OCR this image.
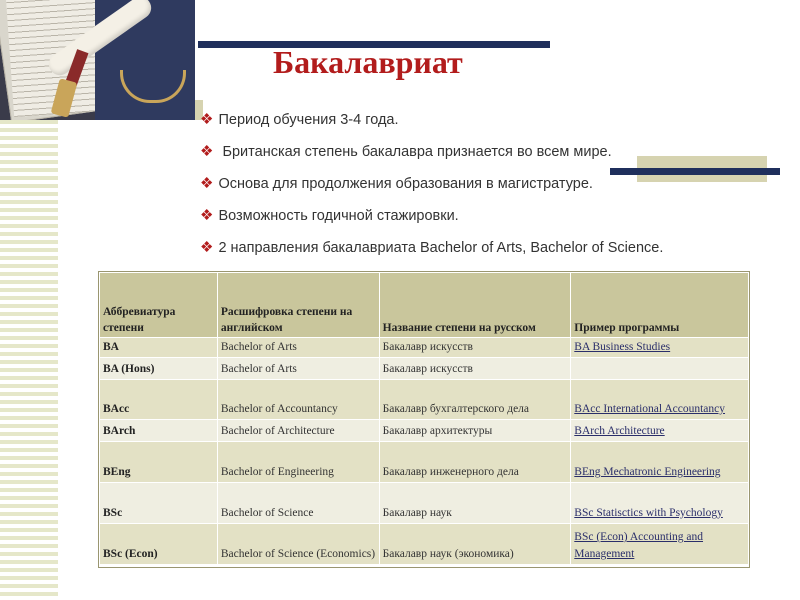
Бакалавриат
❖ Период обучения 3-4 года.
❖ Британская степень бакалавра признается во всем мире.
❖ Основа для продолжения образования в магистратуре.
❖ Возможность годичной стажировки.
❖ 2 направления бакалавриата Bachelor of Arts, Bachelor of Science.
Аббревиатура степени	Расшифровка степени на английском	Название степени на русском	Пример программы
BA	Bachelor of Arts	Бакалавр искусств	BA Business Studies
BA (Hons)	Bachelor of Arts	Бакалавр искусств	
BAcc	Bachelor of Accountancy	Бакалавр бухгалтерского дела	BAcc International Accountancy
BArch	Bachelor of Architecture	Бакалавр архитектуры	BArch Architecture
BEng	Bachelor of Engineering	Бакалавр инженерного дела	BEng Mechatronic Engineering
BSc	Bachelor of Science	Бакалавр наук	BSc Statisctics with Psychology
BSc (Econ)	Bachelor of Science (Economics)	Бакалавр наук (экономика)	BSc (Econ) Accounting and Management
